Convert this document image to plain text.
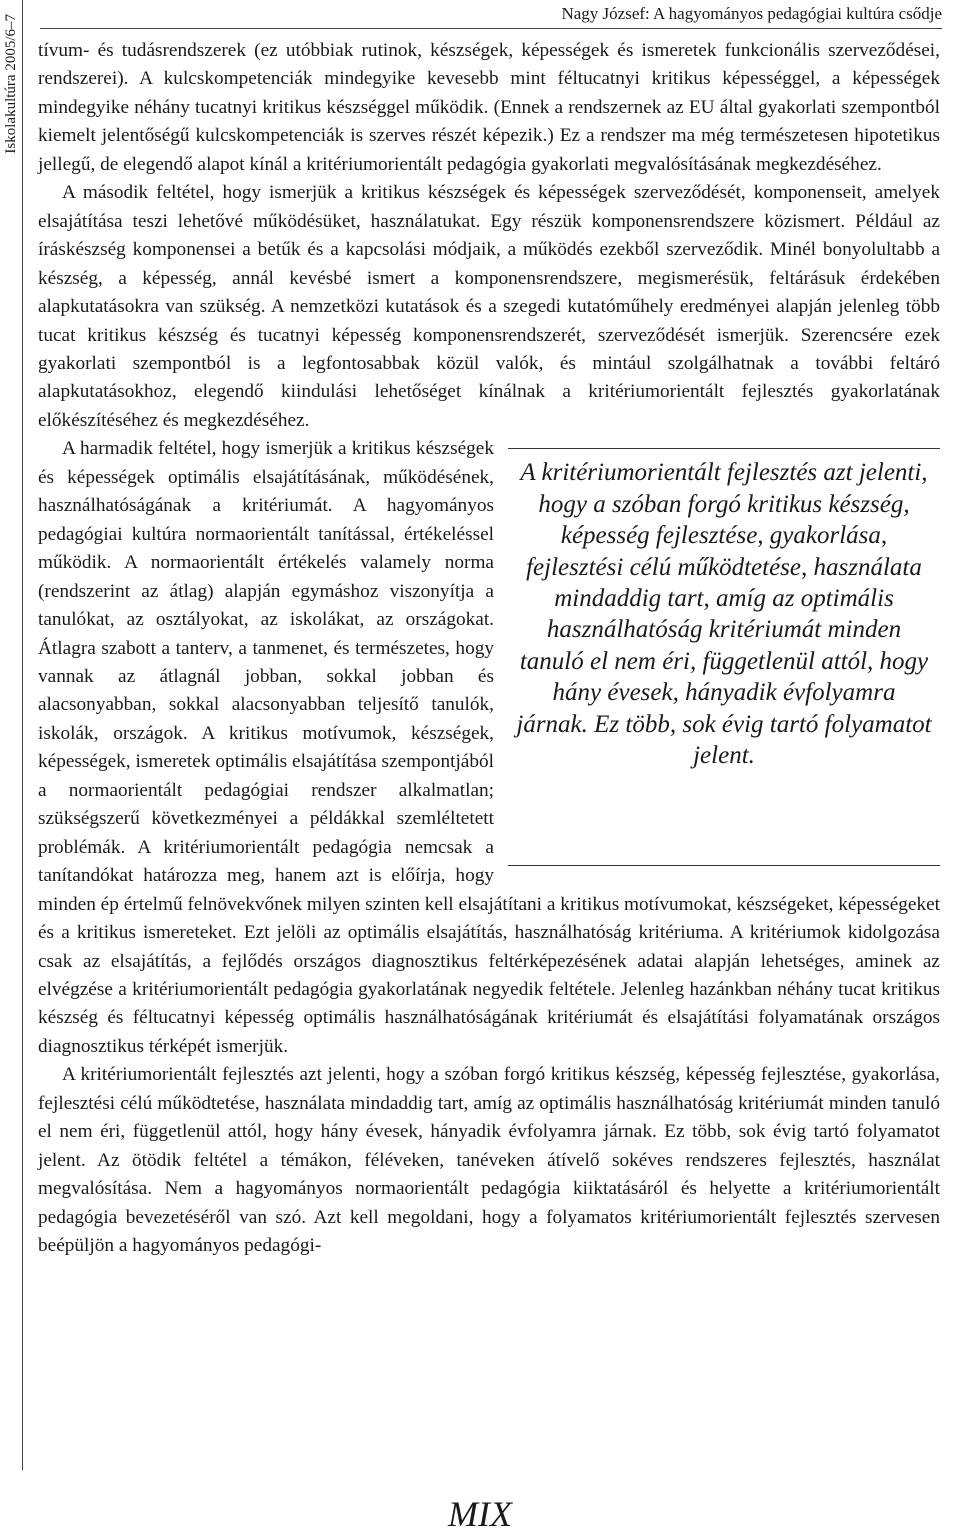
Iskolakultúra 2005/6–7
Nagy József: A hagyományos pedagógiai kultúra csődje

tívum- és tudásrendszerek (ez utóbbiak rutinok, készségek, képességek és ismeretek funkcionális szerveződései, rendszerei). A kulcskompetenciák mindegyike kevesebb mint féltucatnyi kritikus képességgel, a képességek mindegyike néhány tucatnyi kritikus készséggel működik. (Ennek a rendszernek az EU által gyakorlati szempontból kiemelt jelentőségű kulcskompetenciák is szerves részét képezik.) Ez a rendszer ma még természetesen hipotetikus jellegű, de elegendő alapot kínál a kritériumorientált pedagógia gyakorlati megvalósításának megkezdéséhez.

A második feltétel, hogy ismerjük a kritikus készségek és képességek szerveződését, komponenseit, amelyek elsajátítása teszi lehetővé működésüket, használatukat. Egy részük komponensrendszere közismert. Például az íráskészség komponensei a betűk és a kapcsolási módjaik, a működés ezekből szerveződik. Minél bonyolultabb a készség, a képesség, annál kevésbé ismert a komponensrendszere, megismerésük, feltárásuk érdekében alapkutatásokra van szükség. A nemzetközi kutatások és a szegedi kutatóműhely eredményei alapján jelenleg több tucat kritikus készség és tucatnyi képesség komponensrendszerét, szerveződését ismerjük. Szerencsére ezek gyakorlati szempontból is a legfontosabbak közül valók, és mintául szolgálhatnak a további feltáró alapkutatásokhoz, elegendő kiindulási lehetőséget kínálnak a kritériumorientált fejlesztés gyakorlatának előkészítéséhez és megkezdéséhez.

A kritériumorientált fejlesztés azt jelenti, hogy a szóban forgó kritikus készség, képesség fejlesztése, gyakorlása, fejlesztési célú működtetése, használata mindaddig tart, amíg az optimális használhatóság kritériumát minden tanuló el nem éri, függetlenül attól, hogy hány évesek, hányadik évfolyamra járnak. Ez több, sok évig tartó folyamatot jelent.
A harmadik feltétel, hogy ismerjük a kritikus készségek és képességek optimális elsajátításának, működésének, használhatóságának a kritériumát. A hagyományos pedagógiai kultúra normaorientált tanítással, értékeléssel működik. A normaorientált értékelés valamely norma (rendszerint az átlag) alapján egymáshoz viszonyítja a tanulókat, az osztályokat, az iskolákat, az országokat. Átlagra szabott a tanterv, a tanmenet, és természetes, hogy vannak az átlagnál jobban, sokkal jobban és alacsonyabban, sokkal alacsonyabban teljesítő tanulók, iskolák, országok. A kritikus motívumok, készségek, képességek, ismeretek optimális elsajátítása szempontjából a normaorientált pedagógiai rendszer alkalmatlan; szükségszerű következményei a példákkal szemléltetett problémák. A kritériumorientált pedagógia nemcsak a tanítandókat határozza meg, hanem azt is előírja, hogy minden ép értelmű felnövekvőnek milyen szinten kell elsajátítani a kritikus motívumokat, készségeket, képességeket és a kritikus ismereteket. Ezt jelöli az optimális elsajátítás, használhatóság kritériuma. A kritériumok kidolgozása csak az elsajátítás, a fejlődés országos diagnosztikus feltérképezésének adatai alapján lehetséges, aminek az elvégzése a kritériumorientált pedagógia gyakorlatának negyedik feltétele. Jelenleg hazánkban néhány tucat kritikus készség és féltucatnyi képesség optimális használhatóságának kritériumát és elsajátítási folyamatának országos diagnosztikus térképét ismerjük.

A kritériumorientált fejlesztés azt jelenti, hogy a szóban forgó kritikus készség, képesség fejlesztése, gyakorlása, fejlesztési célú működtetése, használata mindaddig tart, amíg az optimális használhatóság kritériumát minden tanuló el nem éri, függetlenül attól, hogy hány évesek, hányadik évfolyamra járnak. Ez több, sok évig tartó folyamatot jelent. Az ötödik feltétel a témákon, féléveken, tanéveken átívelő sokéves rendszeres fejlesztés, használat megvalósítása. Nem a hagyományos normaorientált pedagógia kiiktatásáról és helyette a kritériumorientált pedagógia bevezetéséről van szó. Azt kell megoldani, hogy a folyamatos kritériumorientált fejlesztés szervesen beépüljön a hagyományos pedagógi-

MIX
